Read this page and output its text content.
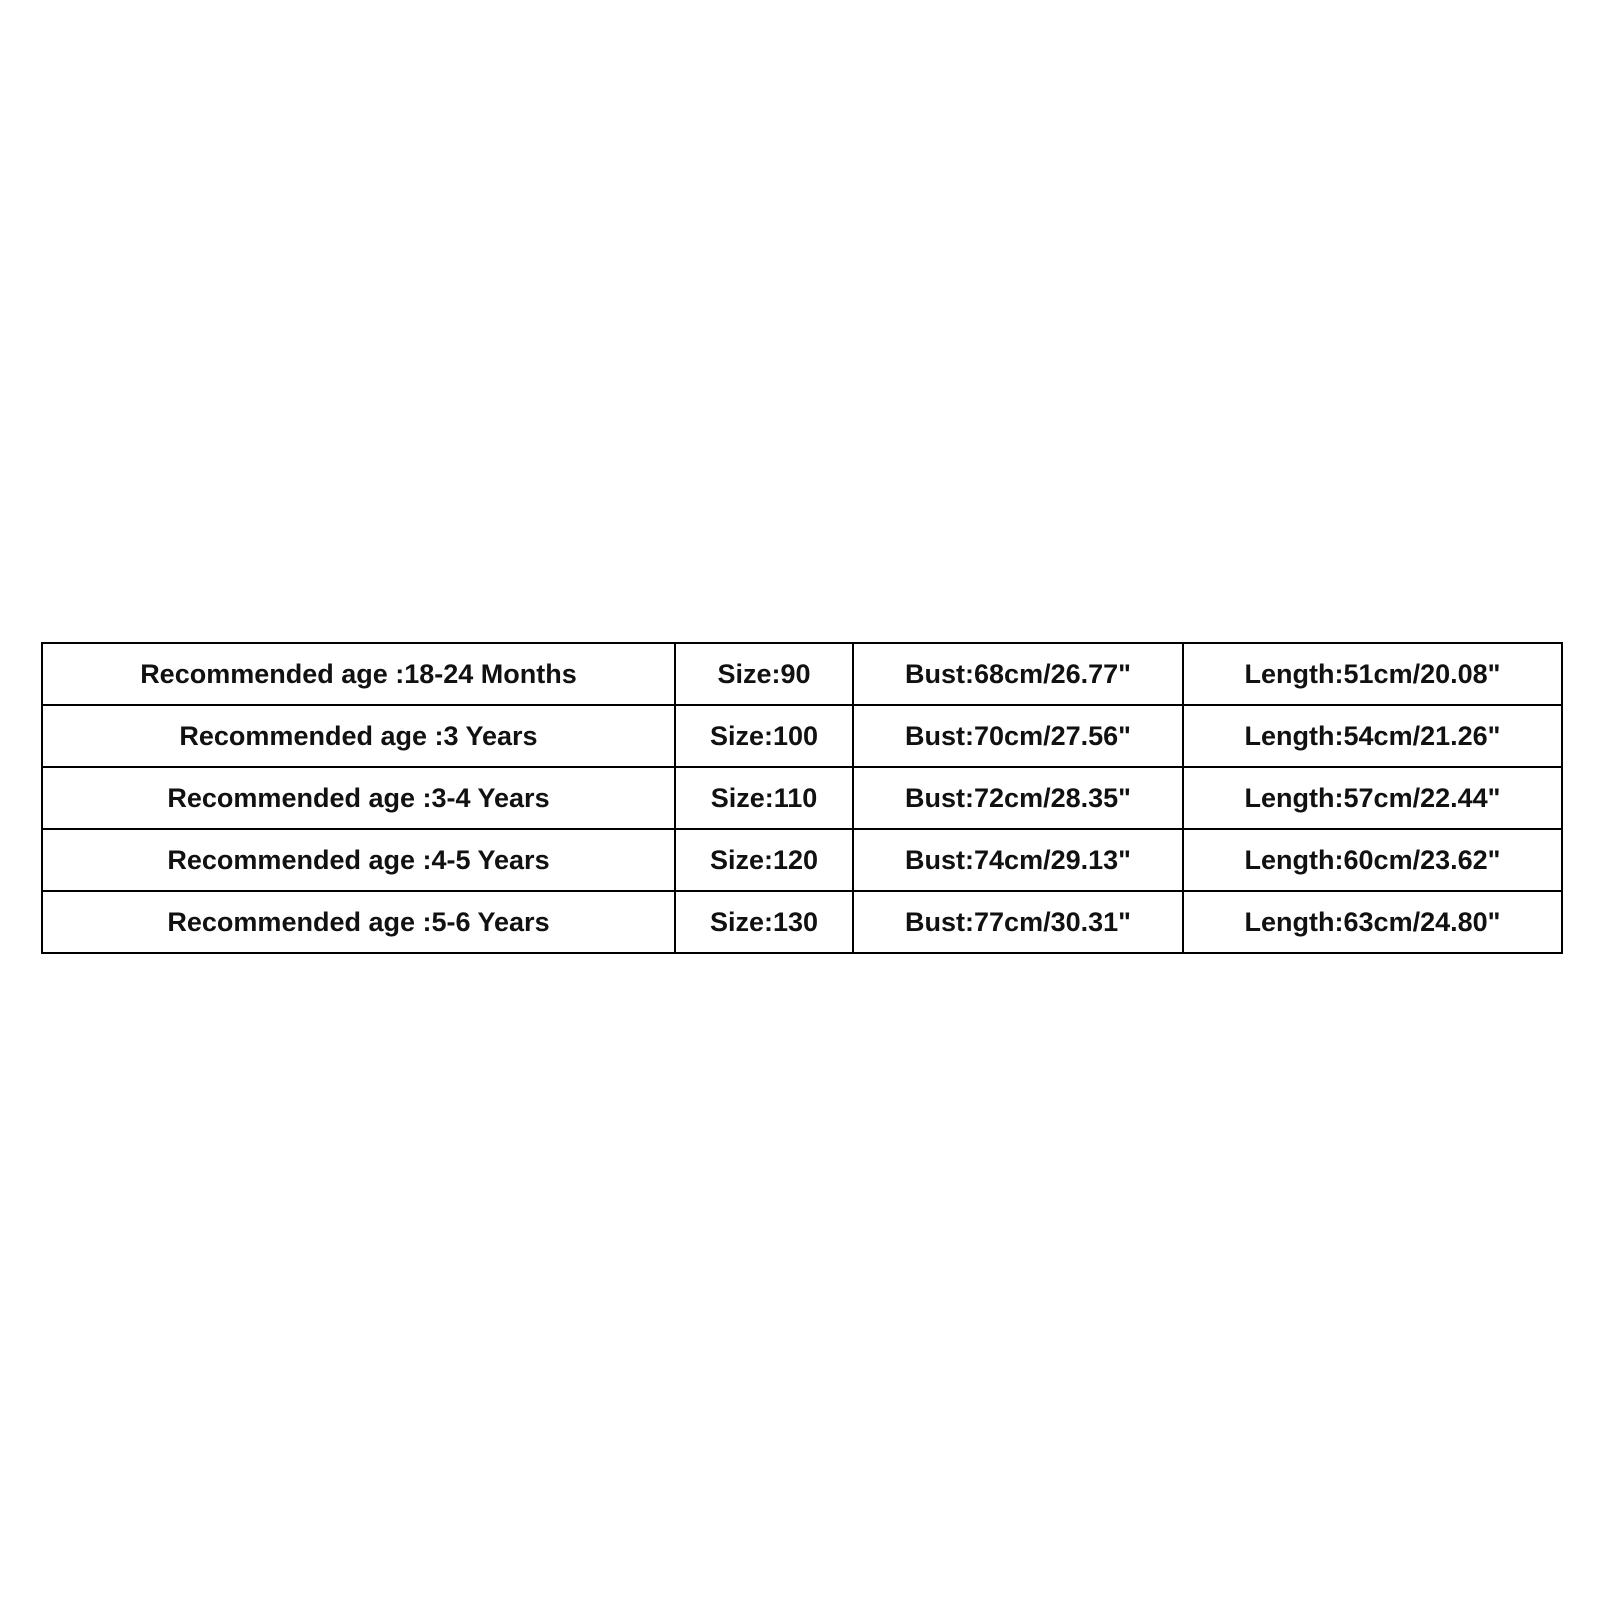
Recommended age :18-24 Months	Size:90	Bust:68cm/26.77"	Length:51cm/20.08"
Recommended age :3 Years	Size:100	Bust:70cm/27.56"	Length:54cm/21.26"
Recommended age :3-4 Years	Size:110	Bust:72cm/28.35"	Length:57cm/22.44"
Recommended age :4-5 Years	Size:120	Bust:74cm/29.13"	Length:60cm/23.62"
Recommended age :5-6 Years	Size:130	Bust:77cm/30.31"	Length:63cm/24.80"
